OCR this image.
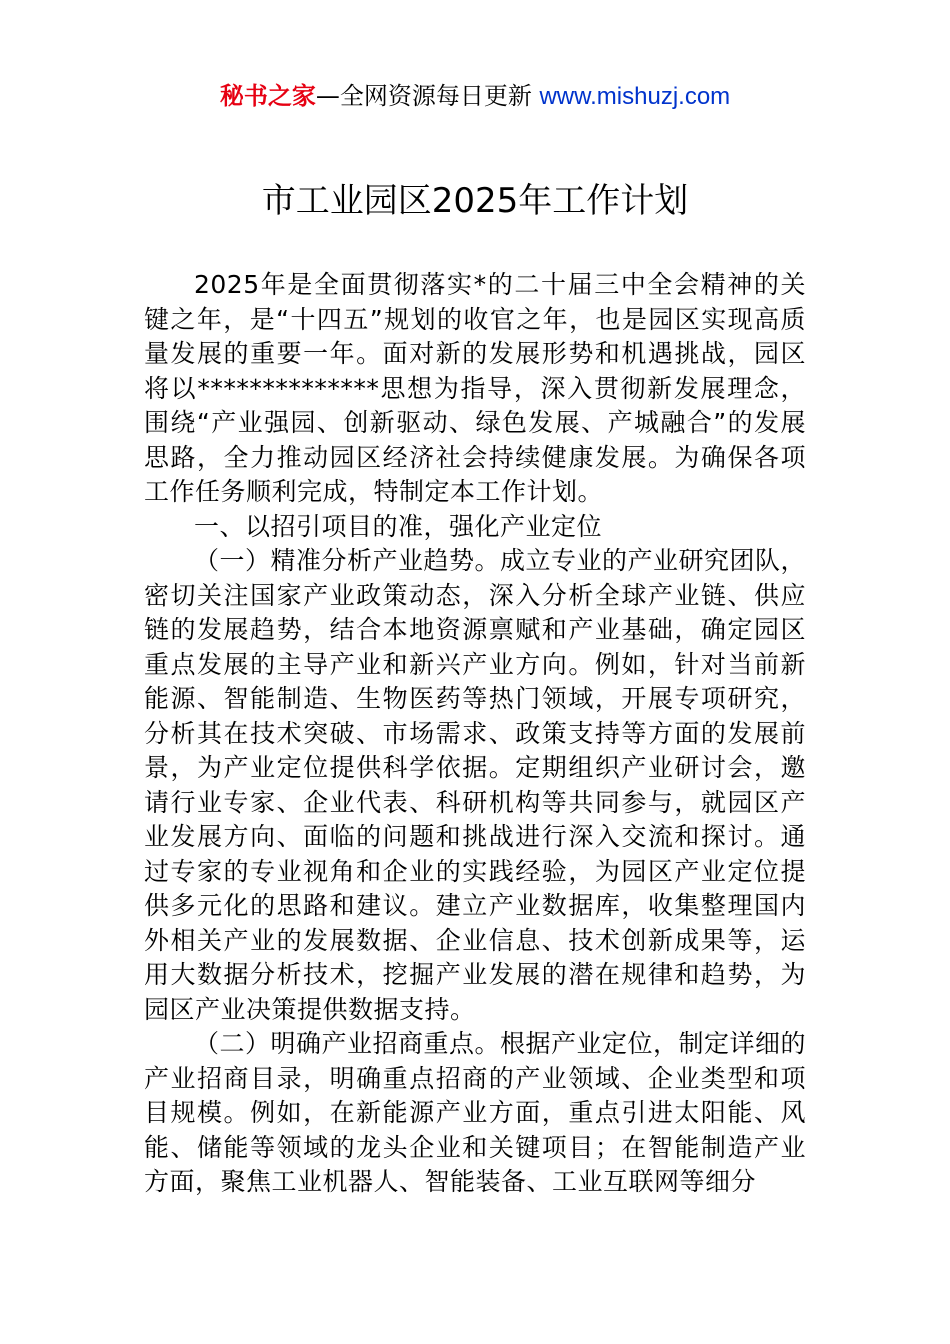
秘书之家—全网资源每日更新 www.mishuzj.com
市工业园区2025年工作计划

2025年是全面贯彻落实*的二十届三中全会精神的关键之年，是“十四五”规划的收官之年，也是园区实现高质量发展的重要一年。面对新的发展形势和机遇挑战，园区将以**************思想为指导，深入贯彻新发展理念，围绕“产业强园、创新驱动、绿色发展、产城融合”的发展思路，全力推动园区经济社会持续健康发展。为确保各项工作任务顺利完成，特制定本工作计划。

一、以招引项目的准，强化产业定位

（一）精准分析产业趋势。成立专业的产业研究团队，密切关注国家产业政策动态，深入分析全球产业链、供应链的发展趋势，结合本地资源禀赋和产业基础，确定园区重点发展的主导产业和新兴产业方向。例如，针对当前新能源、智能制造、生物医药等热门领域，开展专项研究，分析其在技术突破、市场需求、政策支持等方面的发展前景，为产业定位提供科学依据。定期组织产业研讨会，邀请行业专家、企业代表、科研机构等共同参与，就园区产业发展方向、面临的问题和挑战进行深入交流和探讨。通过专家的专业视角和企业的实践经验，为园区产业定位提供多元化的思路和建议。建立产业数据库，收集整理国内外相关产业的发展数据、企业信息、技术创新成果等，运用大数据分析技术，挖掘产业发展的潜在规律和趋势，为园区产业决策提供数据支持。

（二）明确产业招商重点。根据产业定位，制定详细的产业招商目录，明确重点招商的产业领域、企业类型和项目规模。例如，在新能源产业方面，重点引进太阳能、风能、储能等领域的龙头企业和关键项目；在智能制造产业方面，聚焦工业机器人、智能装备、工业互联网等细分
